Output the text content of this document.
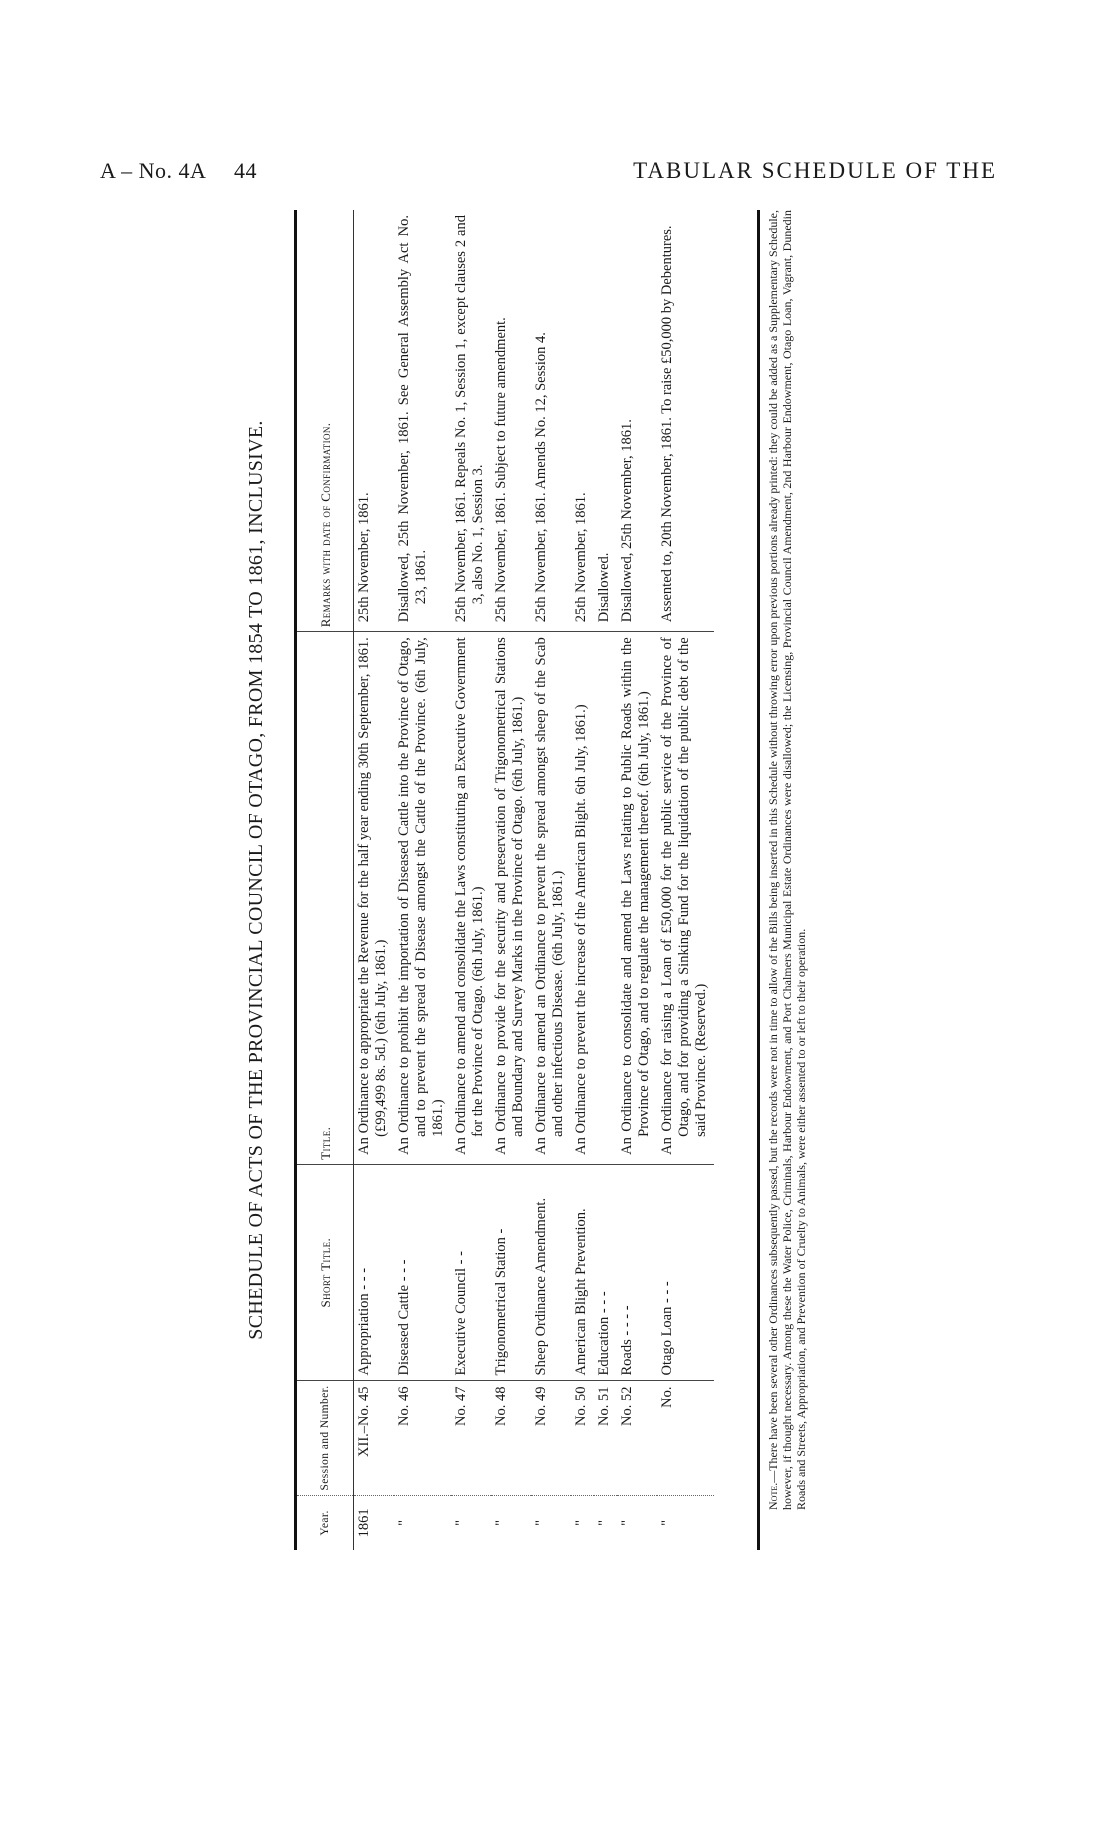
A – No. 4A 44	TABULAR SCHEDULE OF THE
SCHEDULE OF ACTS OF THE PROVINCIAL COUNCIL OF OTAGO, FROM 1854 TO 1861, INCLUSIVE.
Year.	Session and Number.	Short Title.	Title.	Remarks with date of Confirmation.
1861	XII.–No. 45	Appropriation - - -	An Ordinance to appropriate the Revenue for the half year ending 30th September, 1861. (£99,499 8s. 5d.) (6th July, 1861.)	25th November, 1861.

"	No. 46	Diseased Cattle - - -	An Ordinance to prohibit the importation of Diseased Cattle into the Province of Otago, and to prevent the spread of Disease amongst the Cattle of the Province. (6th July, 1861.)	Disallowed, 25th November, 1861. See General Assembly Act No. 23, 1861.

"	No. 47	Executive Council - -	An Ordinance to amend and consolidate the Laws constituting an Executive Government for the Province of Otago. (6th July, 1861.)	25th November, 1861. Repeals No. 1, Session 1, except clauses 2 and 3, also No. 1, Session 3.

"	No. 48	Trigonometrical Station -	An Ordinance to provide for the security and preservation of Trigonometrical Stations and Boundary and Survey Marks in the Province of Otago. (6th July, 1861.)	25th November, 1861. Subject to future amendment.

"	No. 49	Sheep Ordinance Amendment.	An Ordinance to amend an Ordinance to prevent the spread amongst sheep of the Scab and other infectious Disease. (6th July, 1861.)	25th November, 1861. Amends No. 12, Session 4.

"	No. 50	American Blight Prevention.	An Ordinance to prevent the increase of the American Blight. 6th July, 1861.)	25th November, 1861.

"	No. 51	Education - - -		Disallowed.

"	No. 52	Roads - - - -	An Ordinance to consolidate and amend the Laws relating to Public Roads within the Province of Otago, and to regulate the management thereof. (6th July, 1861.)	Disallowed, 25th November, 1861.

"	No.	Otago Loan - - -	An Ordinance for raising a Loan of £50,000 for the public service of the Province of Otago, and for providing a Sinking Fund for the liquidation of the public debt of the said Province. (Reserved.)	Assented to, 20th November, 1861. To raise £50,000 by Debentures.
Note.—There have been several other Ordinances subsequently passed, but the records were not in time to allow of the Bills being inserted in this Schedule without throwing error upon previous portions already printed: they could be added as a Supplementary Schedule, however, if thought necessary. Among these the Water Police, Criminals, Harbour Endowment, and Port Chalmers Municipal Estate Ordinances were disallowed; the Licensing, Provincial Council Amendment, 2nd Harbour Endowment, Otago Loan, Vagrant, Dunedin Roads and Streets, Appropriation, and Prevention of Cruelty to Animals, were either assented to or left to their operation.
